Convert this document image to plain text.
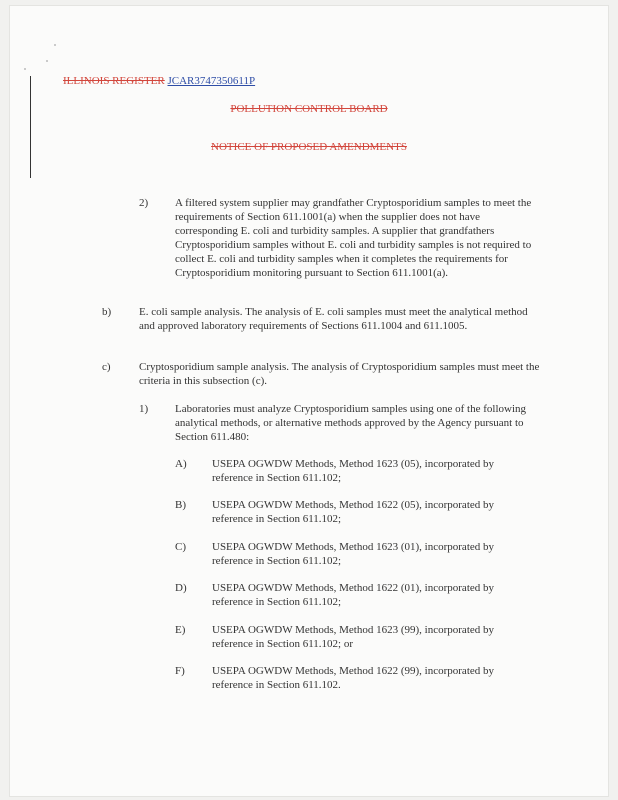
ILLINOIS REGISTER JCAR3747350611P
POLLUTION CONTROL BOARD
NOTICE OF PROPOSED AMENDMENTS
2) A filtered system supplier may grandfather Cryptosporidium samples to meet the requirements of Section 611.1001(a) when the supplier does not have corresponding E. coli and turbidity samples. A supplier that grandfathers Cryptosporidium samples without E. coli and turbidity samples is not required to collect E. coli and turbidity samples when it completes the requirements for Cryptosporidium monitoring pursuant to Section 611.1001(a).
b)	E. coli sample analysis. The analysis of E. coli samples must meet the analytical method and approved laboratory requirements of Sections 611.1004 and 611.1005.
c)	Cryptosporidium sample analysis. The analysis of Cryptosporidium samples must meet the criteria in this subsection (c).
1) Laboratories must analyze Cryptosporidium samples using one of the following analytical methods, or alternative methods approved by the Agency pursuant to Section 611.480:
A) USEPA OGWDW Methods, Method 1623 (05), incorporated by reference in Section 611.102;
B) USEPA OGWDW Methods, Method 1622 (05), incorporated by reference in Section 611.102;
C) USEPA OGWDW Methods, Method 1623 (01), incorporated by reference in Section 611.102;
D) USEPA OGWDW Methods, Method 1622 (01), incorporated by reference in Section 611.102;
E) USEPA OGWDW Methods, Method 1623 (99), incorporated by reference in Section 611.102; or
F) USEPA OGWDW Methods, Method 1622 (99), incorporated by reference in Section 611.102.
